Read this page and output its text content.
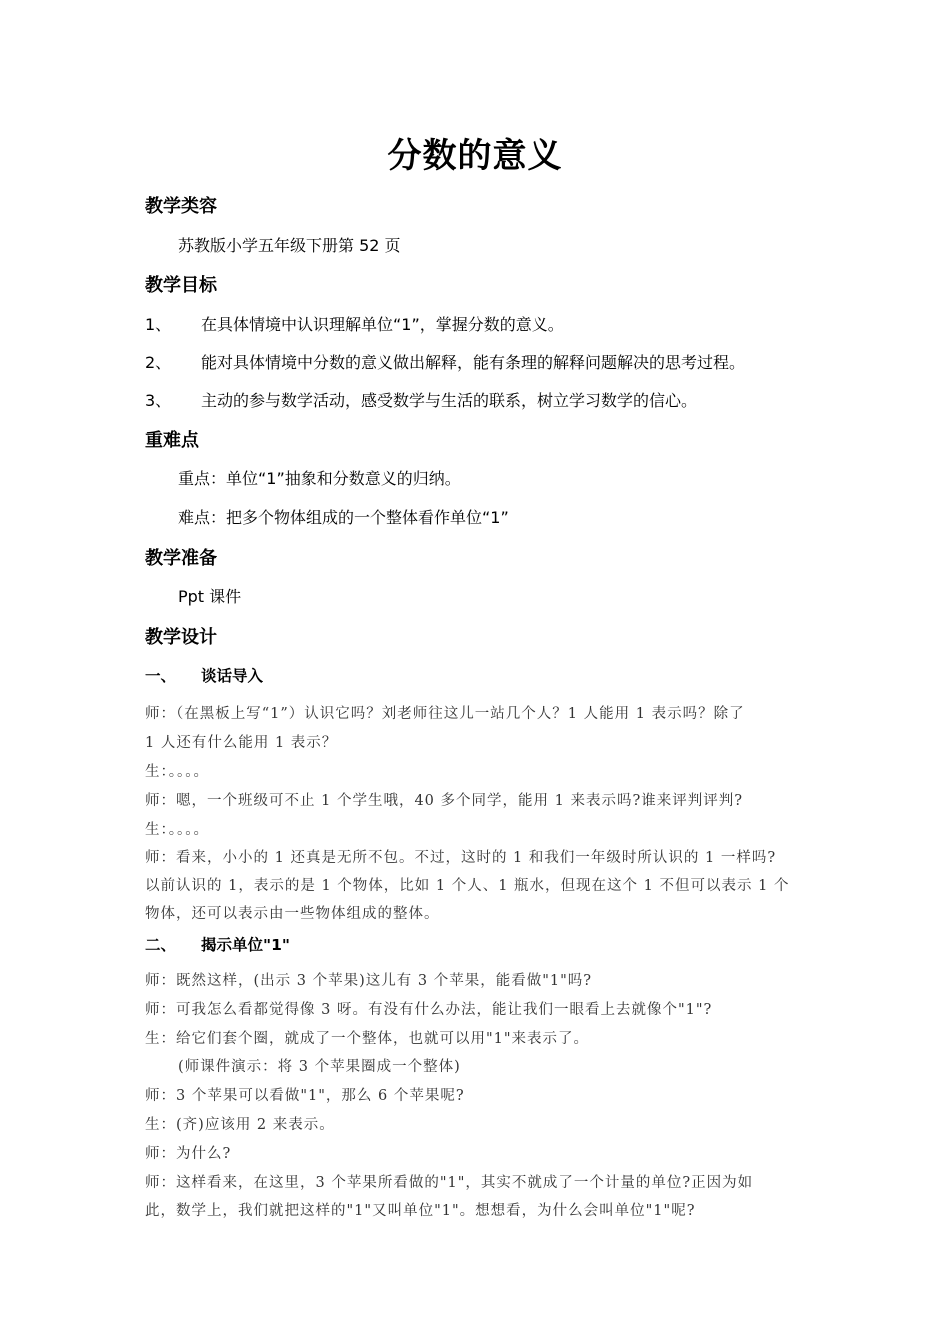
分数的意义
教学类容
苏教版小学五年级下册第 52 页
教学目标
1、 在具体情境中认识理解单位“1”，掌握分数的意义。
2、 能对具体情境中分数的意义做出解释，能有条理的解释问题解决的思考过程。
3、 主动的参与数学活动，感受数学与生活的联系，树立学习数学的信心。
重难点
重点：单位“1”抽象和分数意义的归纳。
难点：把多个物体组成的一个整体看作单位“1”
教学准备
Ppt 课件
教学设计
一、 谈话导入
师：（在黑板上写“1”）认识它吗？刘老师往这儿一站几个人？1 人能用 1 表示吗？除了
1 人还有什么能用 1 表示？
生：。。。。
师：嗯，一个班级可不止 1 个学生哦，40 多个同学，能用 1 来表示吗?谁来评判评判?
生：。。。。
师：看来，小小的 1 还真是无所不包。不过，这时的 1 和我们一年级时所认识的 1 一样吗?
以前认识的 1，表示的是 1 个物体，比如 1 个人、1 瓶水，但现在这个 1 不但可以表示 1 个
物体，还可以表示由一些物体组成的整体。
二、 揭示单位"1"
师：既然这样，(出示 3 个苹果)这儿有 3 个苹果，能看做"1"吗?
师：可我怎么看都觉得像 3 呀。有没有什么办法，能让我们一眼看上去就像个"1"?
生：给它们套个圈，就成了一个整体，也就可以用"1"来表示了。
(师课件演示：将 3 个苹果圈成一个整体)
师：3 个苹果可以看做"1"，那么 6 个苹果呢?
生：(齐)应该用 2 来表示。
师：为什么?
师：这样看来，在这里，3 个苹果所看做的"1"，其实不就成了一个计量的单位?正因为如
此，数学上，我们就把这样的"1"又叫单位"1"。想想看，为什么会叫单位"1"呢?
